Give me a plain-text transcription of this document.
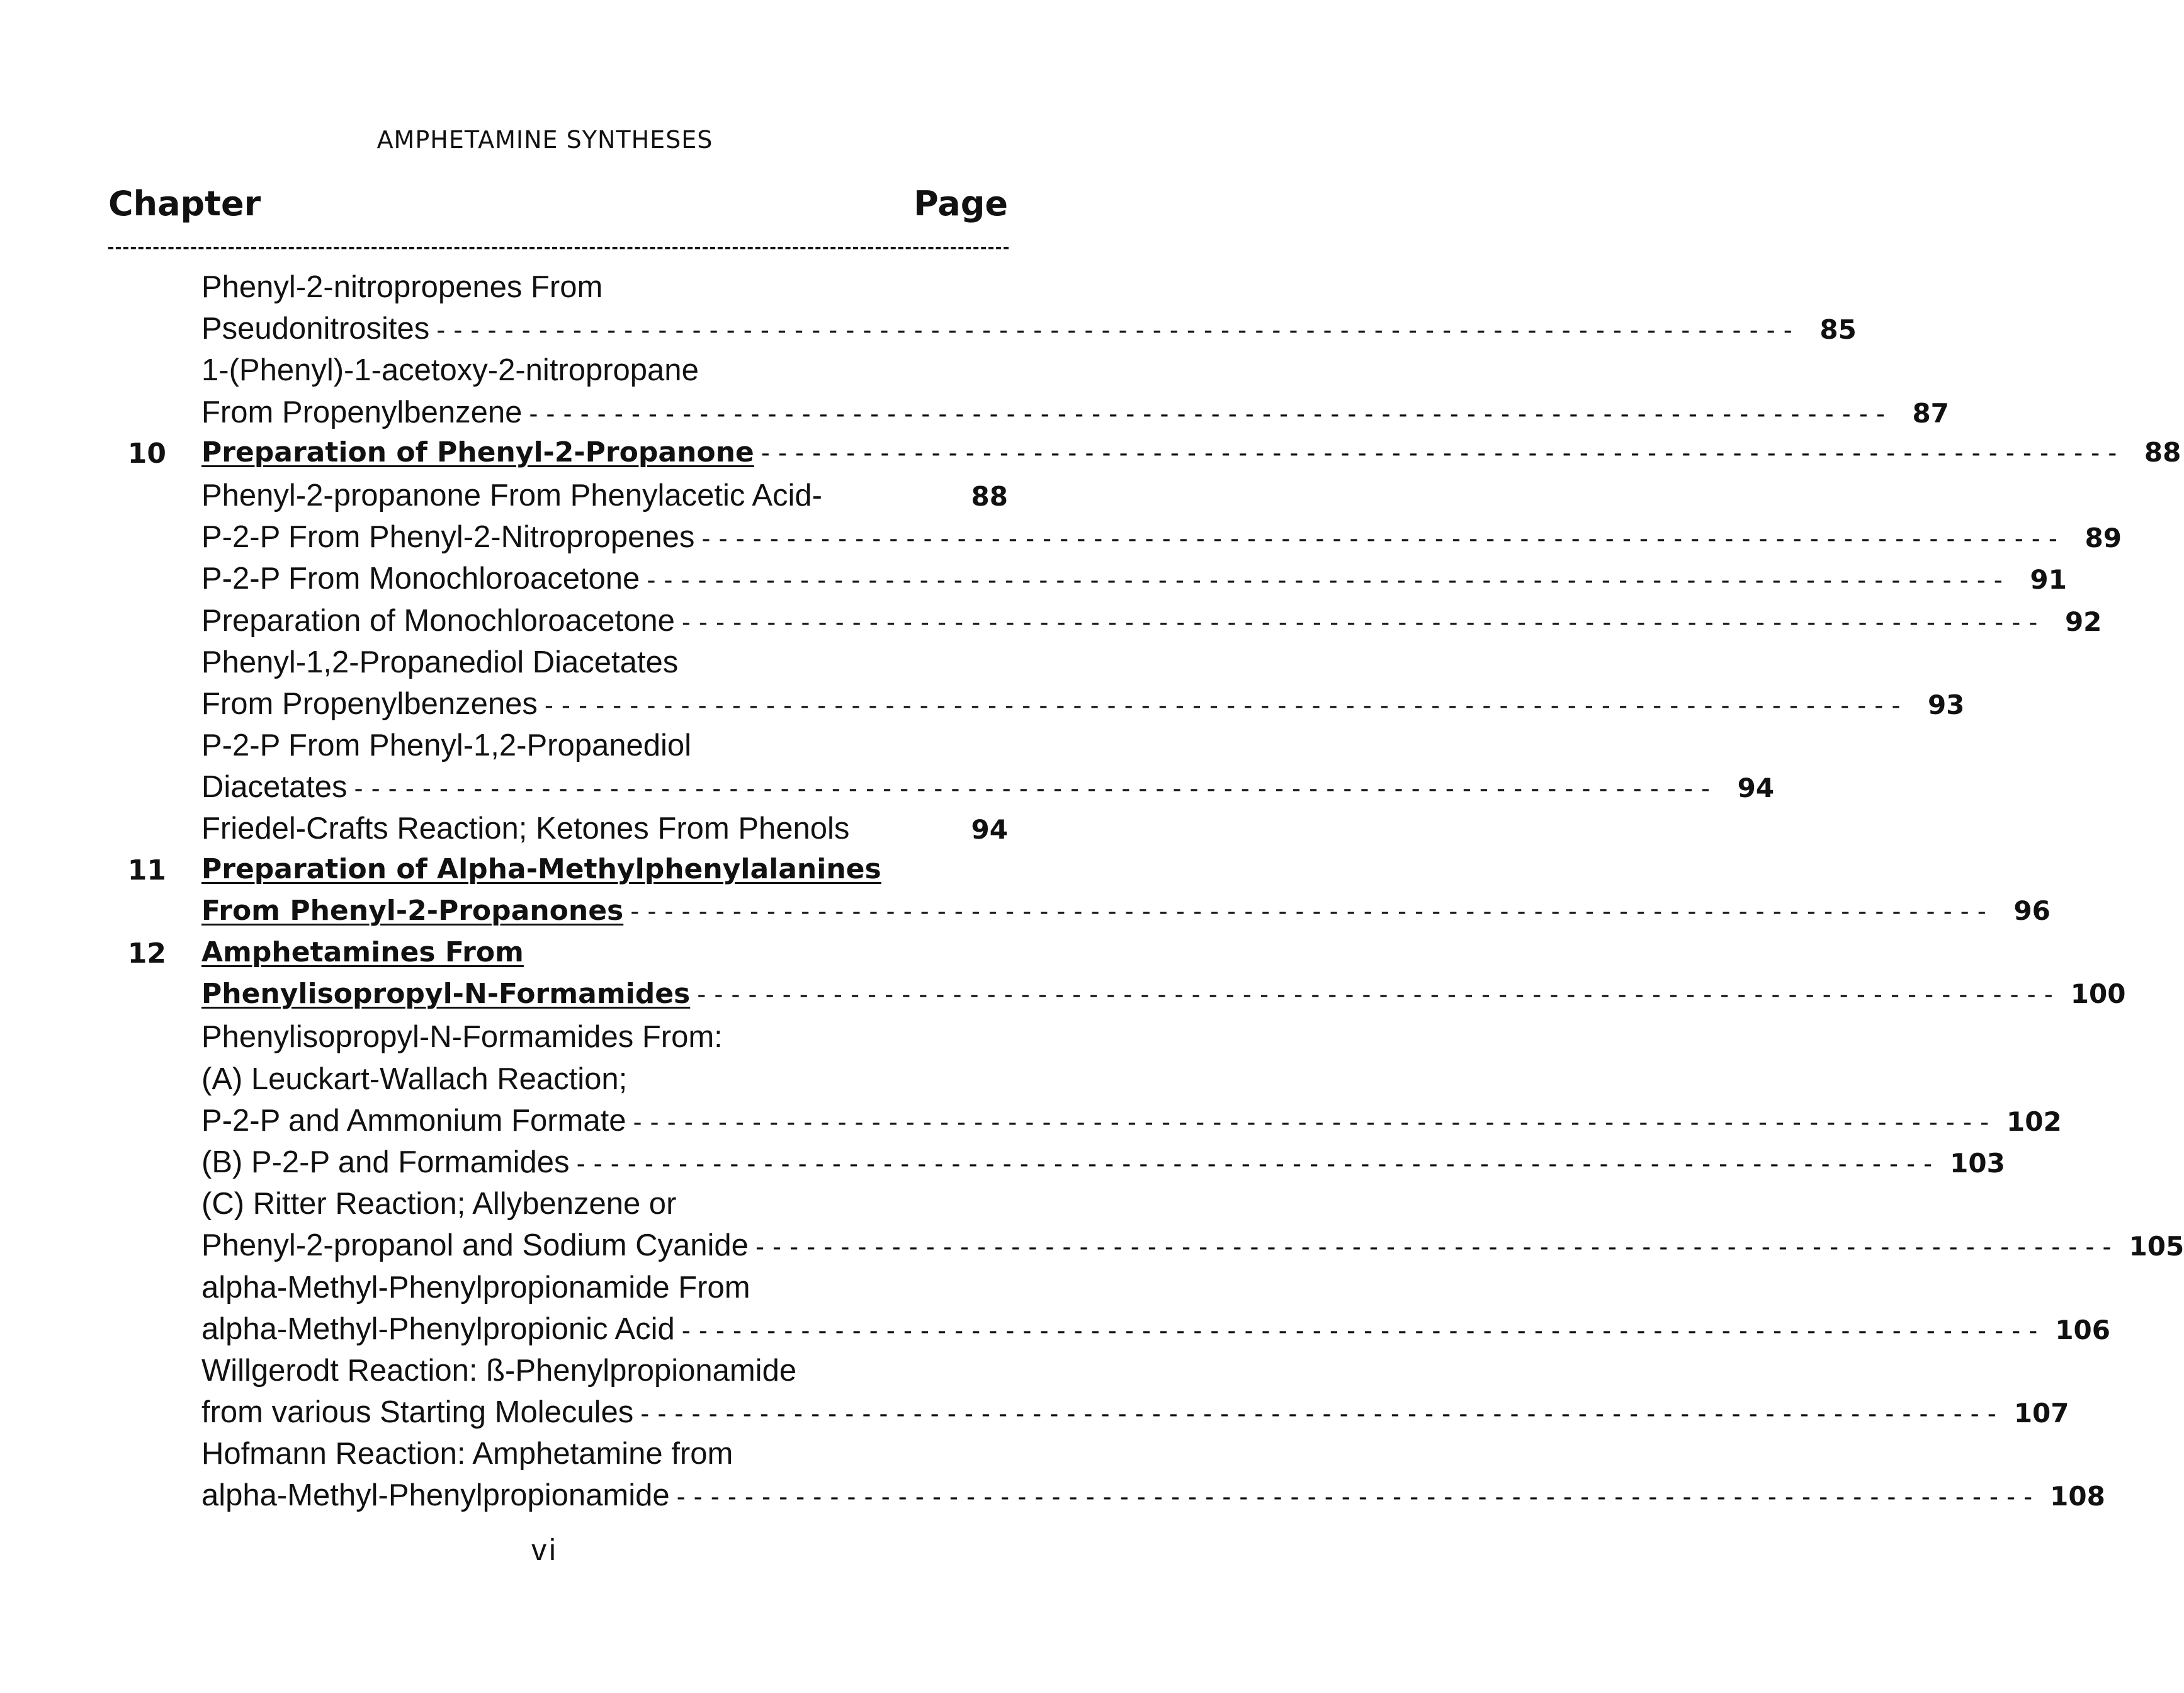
AMPHETAMINE SYNTHESES
Chapter	Page
Phenyl-2-nitropropenes From
Pseudonitrosites -------------------------------------------------------------------------------- 85
1-(Phenyl)-1-acetoxy-2-nitropropane
From Propenylbenzene -------------------------------------------------------------------------------- 87
10 Preparation of Phenyl-2-Propanone -------------------------------------------------------------------------------- 88
Phenyl-2-propanone From Phenylacetic Acid-	88
P-2-P From Phenyl-2-Nitropropenes -------------------------------------------------------------------------------- 89
P-2-P From Monochloroacetone -------------------------------------------------------------------------------- 91
Preparation of Monochloroacetone -------------------------------------------------------------------------------- 92
Phenyl-1,2-Propanediol Diacetates
From Propenylbenzenes -------------------------------------------------------------------------------- 93
P-2-P From Phenyl-1,2-Propanediol
Diacetates -------------------------------------------------------------------------------- 94
Friedel-Crafts Reaction; Ketones From Phenols	94
11 Preparation of Alpha-Methylphenylalanines
From Phenyl-2-Propanones -------------------------------------------------------------------------------- 96
12 Amphetamines From
Phenylisopropyl-N-Formamides -------------------------------------------------------------------------------- 100
Phenylisopropyl-N-Formamides From:
(A) Leuckart-Wallach Reaction;
P-2-P and Ammonium Formate -------------------------------------------------------------------------------- 102
(B) P-2-P and Formamides -------------------------------------------------------------------------------- 103
(C) Ritter Reaction; Allybenzene or
Phenyl-2-propanol and Sodium Cyanide -------------------------------------------------------------------------------- 105
alpha-Methyl-Phenylpropionamide From
alpha-Methyl-Phenylpropionic Acid -------------------------------------------------------------------------------- 106
Willgerodt Reaction: ß-Phenylpropionamide
from various Starting Molecules -------------------------------------------------------------------------------- 107
Hofmann Reaction: Amphetamine from
alpha-Methyl-Phenylpropionamide -------------------------------------------------------------------------------- 108
vi
